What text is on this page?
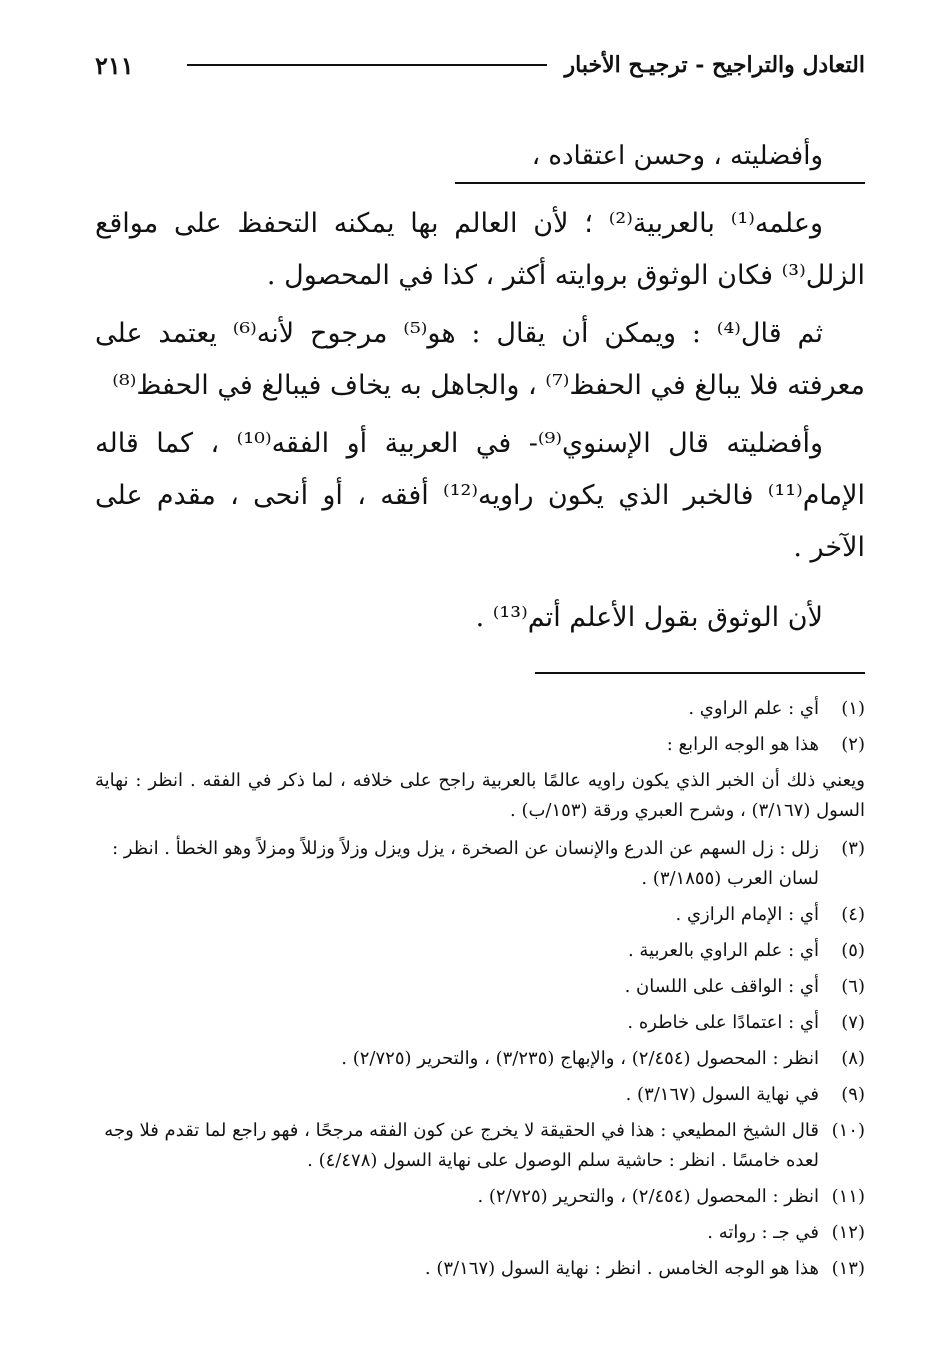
التعادل والتراجيح - ترجيـح الأخبار
٢١١
وأفضليته ، وحسن اعتقاده ،

وعلمه⁽¹⁾ بالعربية⁽²⁾ ؛ لأن العالم بها يمكنه التحفظ على مواقع الزلل⁽³⁾ فكان الوثوق بروايته أكثر ، كذا في المحصول .

ثم قال⁽⁴⁾ : ويمكن أن يقال : هو⁽⁵⁾ مرجوح لأنه⁽⁶⁾ يعتمد على معرفته فلا يبالغ في الحفظ⁽⁷⁾ ، والجاهل به يخاف فيبالغ في الحفظ⁽⁸⁾

وأفضليته قال الإسنوي⁽⁹⁾- في العربية أو الفقه⁽¹⁰⁾ ، كما قاله الإمام⁽¹¹⁾ فالخبر الذي يكون راويه⁽¹²⁾ أفقه ، أو أنحى ، مقدم على الآخر .

لأن الوثوق بقول الأعلم أتم⁽¹³⁾ .

(١)
أي : علم الراوي .
(٢)
هذا هو الوجه الرابع :

ويعني ذلك أن الخبر الذي يكون راويه عالمًا بالعربية راجح على خلافه ، لما ذكر في الفقه . انظر : نهاية السول (٣/١٦٧) ، وشرح العبري ورقة (١٥٣/ب) .

(٣)
زلل : زل السهم عن الدرع والإنسان عن الصخرة ، يزل ويزل وزلاً وزللاً ومزلاً وهو الخطأ . انظر : لسان العرب (٣/١٨٥٥) .
(٤)
أي : الإمام الرازي .
(٥)
أي : علم الراوي بالعربية .
(٦)
أي : الواقف على اللسان .
(٧)
أي : اعتمادًا على خاطره .
(٨)
انظر : المحصول (٢/٤٥٤) ، والإبهاج (٣/٢٣٥) ، والتحرير (٢/٧٢٥) .
(٩)
في نهاية السول (٣/١٦٧) .
(١٠)
قال الشيخ المطيعي : هذا في الحقيقة لا يخرج عن كون الفقه مرجحًا ، فهو راجع لما تقدم فلا وجه لعده خامسًا . انظر : حاشية سلم الوصول على نهاية السول (٤/٤٧٨) .
(١١)
انظر : المحصول (٢/٤٥٤) ، والتحرير (٢/٧٢٥) .
(١٢)
في جـ : رواته .
(١٣)
هذا هو الوجه الخامس . انظر : نهاية السول (٣/١٦٧) .
